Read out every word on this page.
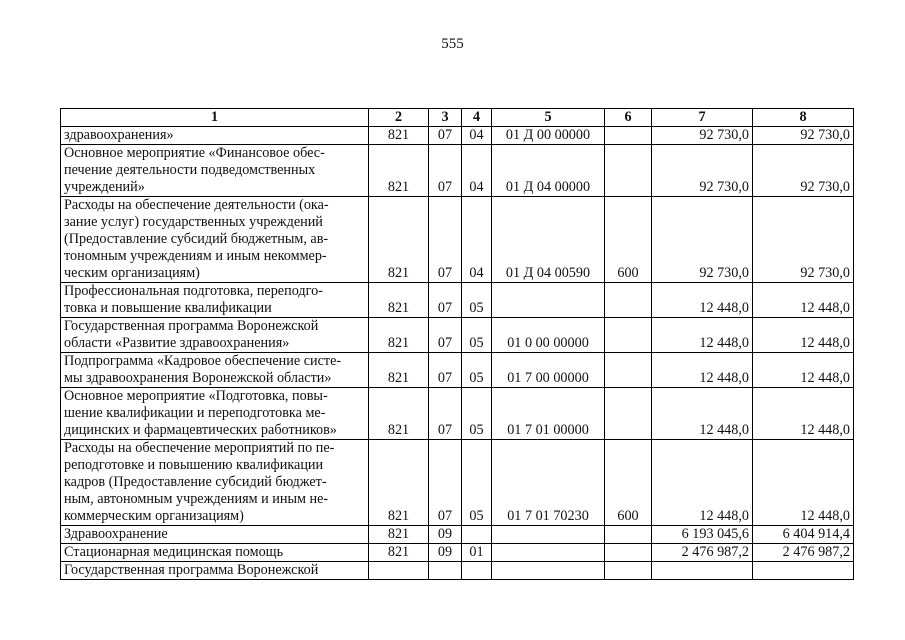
555
1	2	3	4	5	6	7	8
здравоохранения»	821	07	04	01 Д 00 00000		92 730,0	92 730,0
Основное мероприятие «Финансовое обес-
печение деятельности подведомственных
учреждений»	821	07	04	01 Д 04 00000		92 730,0	92 730,0
Расходы на обеспечение деятельности (ока-
зание услуг) государственных учреждений
(Предоставление субсидий бюджетным, ав-
тономным учреждениям и иным некоммер-
ческим организациям)	821	07	04	01 Д 04 00590	600	92 730,0	92 730,0
Профессиональная подготовка, переподго-
товка и повышение квалификации	821	07	05			12 448,0	12 448,0
Государственная программа Воронежской
области «Развитие здравоохранения»	821	07	05	01 0 00 00000		12 448,0	12 448,0
Подпрограмма «Кадровое обеспечение систе-
мы здравоохранения Воронежской области»	821	07	05	01 7 00 00000		12 448,0	12 448,0
Основное мероприятие «Подготовка, повы-
шение квалификации и переподготовка ме-
дицинских и фармацевтических работников»	821	07	05	01 7 01 00000		12 448,0	12 448,0
Расходы на обеспечение мероприятий по пе-
реподготовке и повышению квалификации
кадров (Предоставление субсидий бюджет-
ным, автономным учреждениям и иным не-
коммерческим организациям)	821	07	05	01 7 01 70230	600	12 448,0	12 448,0
Здравоохранение	821	09				6 193 045,6	6 404 914,4
Стационарная медицинская помощь	821	09	01			2 476 987,2	2 476 987,2
Государственная программа Воронежской							
